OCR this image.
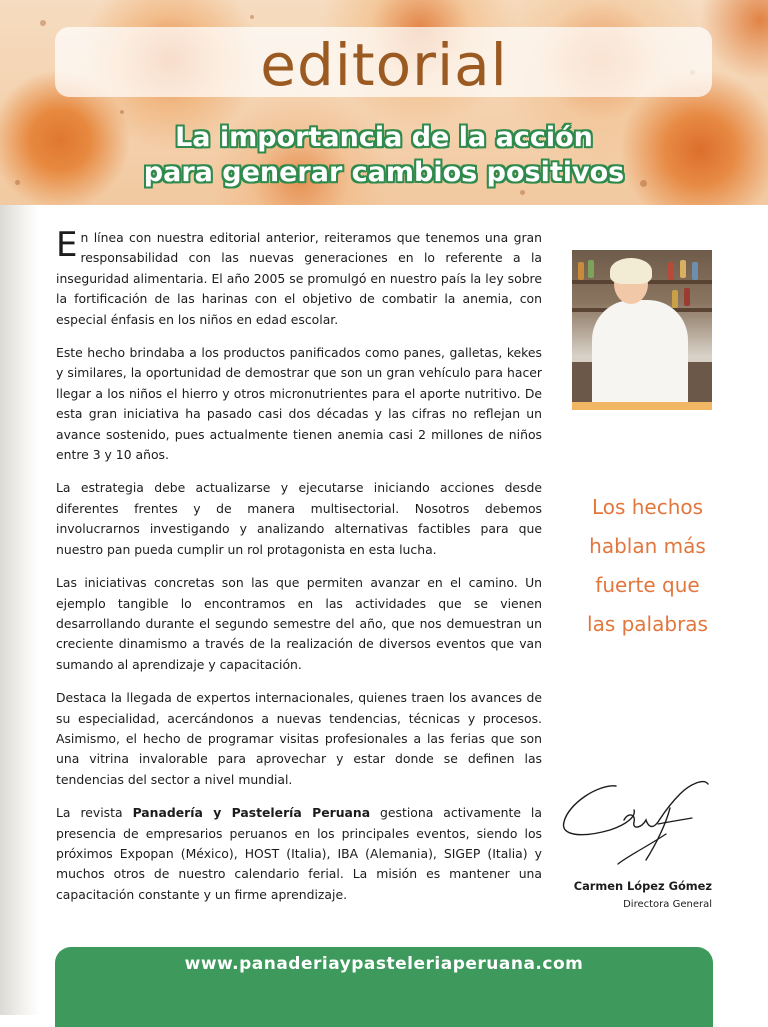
editorial
La importancia de la acción
para generar cambios positivos

En línea con nuestra editorial anterior, reiteramos que tenemos una gran responsabilidad con las nuevas generaciones en lo referente a la inseguridad alimentaria. El año 2005 se promulgó en nuestro país la ley sobre la fortificación de las harinas con el objetivo de combatir la anemia, con especial énfasis en los niños en edad escolar.

Este hecho brindaba a los productos panificados como panes, galletas, kekes y similares, la oportunidad de demostrar que son un gran vehículo para hacer llegar a los niños el hierro y otros micronutrientes para el aporte nutritivo. De esta gran iniciativa ha pasado casi dos décadas y las cifras no reflejan un avance sostenido, pues actualmente tienen anemia casi 2 millones de niños entre 3 y 10 años.

La estrategia debe actualizarse y ejecutarse iniciando acciones desde diferentes frentes y de manera multisectorial. Nosotros debemos involucrarnos investigando y analizando alternativas factibles para que nuestro pan pueda cumplir un rol protagonista en esta lucha.

Las iniciativas concretas son las que permiten avanzar en el camino. Un ejemplo tangible lo encontramos en las actividades que se vienen desarrollando durante el segundo semestre del año, que nos demuestran un creciente dinamismo a través de la realización de diversos eventos que van sumando al aprendizaje y capacitación.

Destaca la llegada de expertos internacionales, quienes traen los avances de su especialidad, acercándonos a nuevas tendencias, técnicas y procesos. Asimismo, el hecho de programar visitas profesionales a las ferias que son una vitrina invalorable para aprovechar y estar donde se definen las tendencias del sector a nivel mundial.

La revista Panadería y Pastelería Peruana gestiona activamente la presencia de empresarios peruanos en los principales eventos, siendo los próximos Expopan (México), HOST (Italia), IBA (Alemania), SIGEP (Italia) y muchos otros de nuestro calendario ferial. La misión es mantener una capacitación constante y un firme aprendizaje.

Los hechos
hablan más
fuerte que
las palabras
Carmen López Gómez
Directora General
www.panaderiaypasteleriaperuana.com
